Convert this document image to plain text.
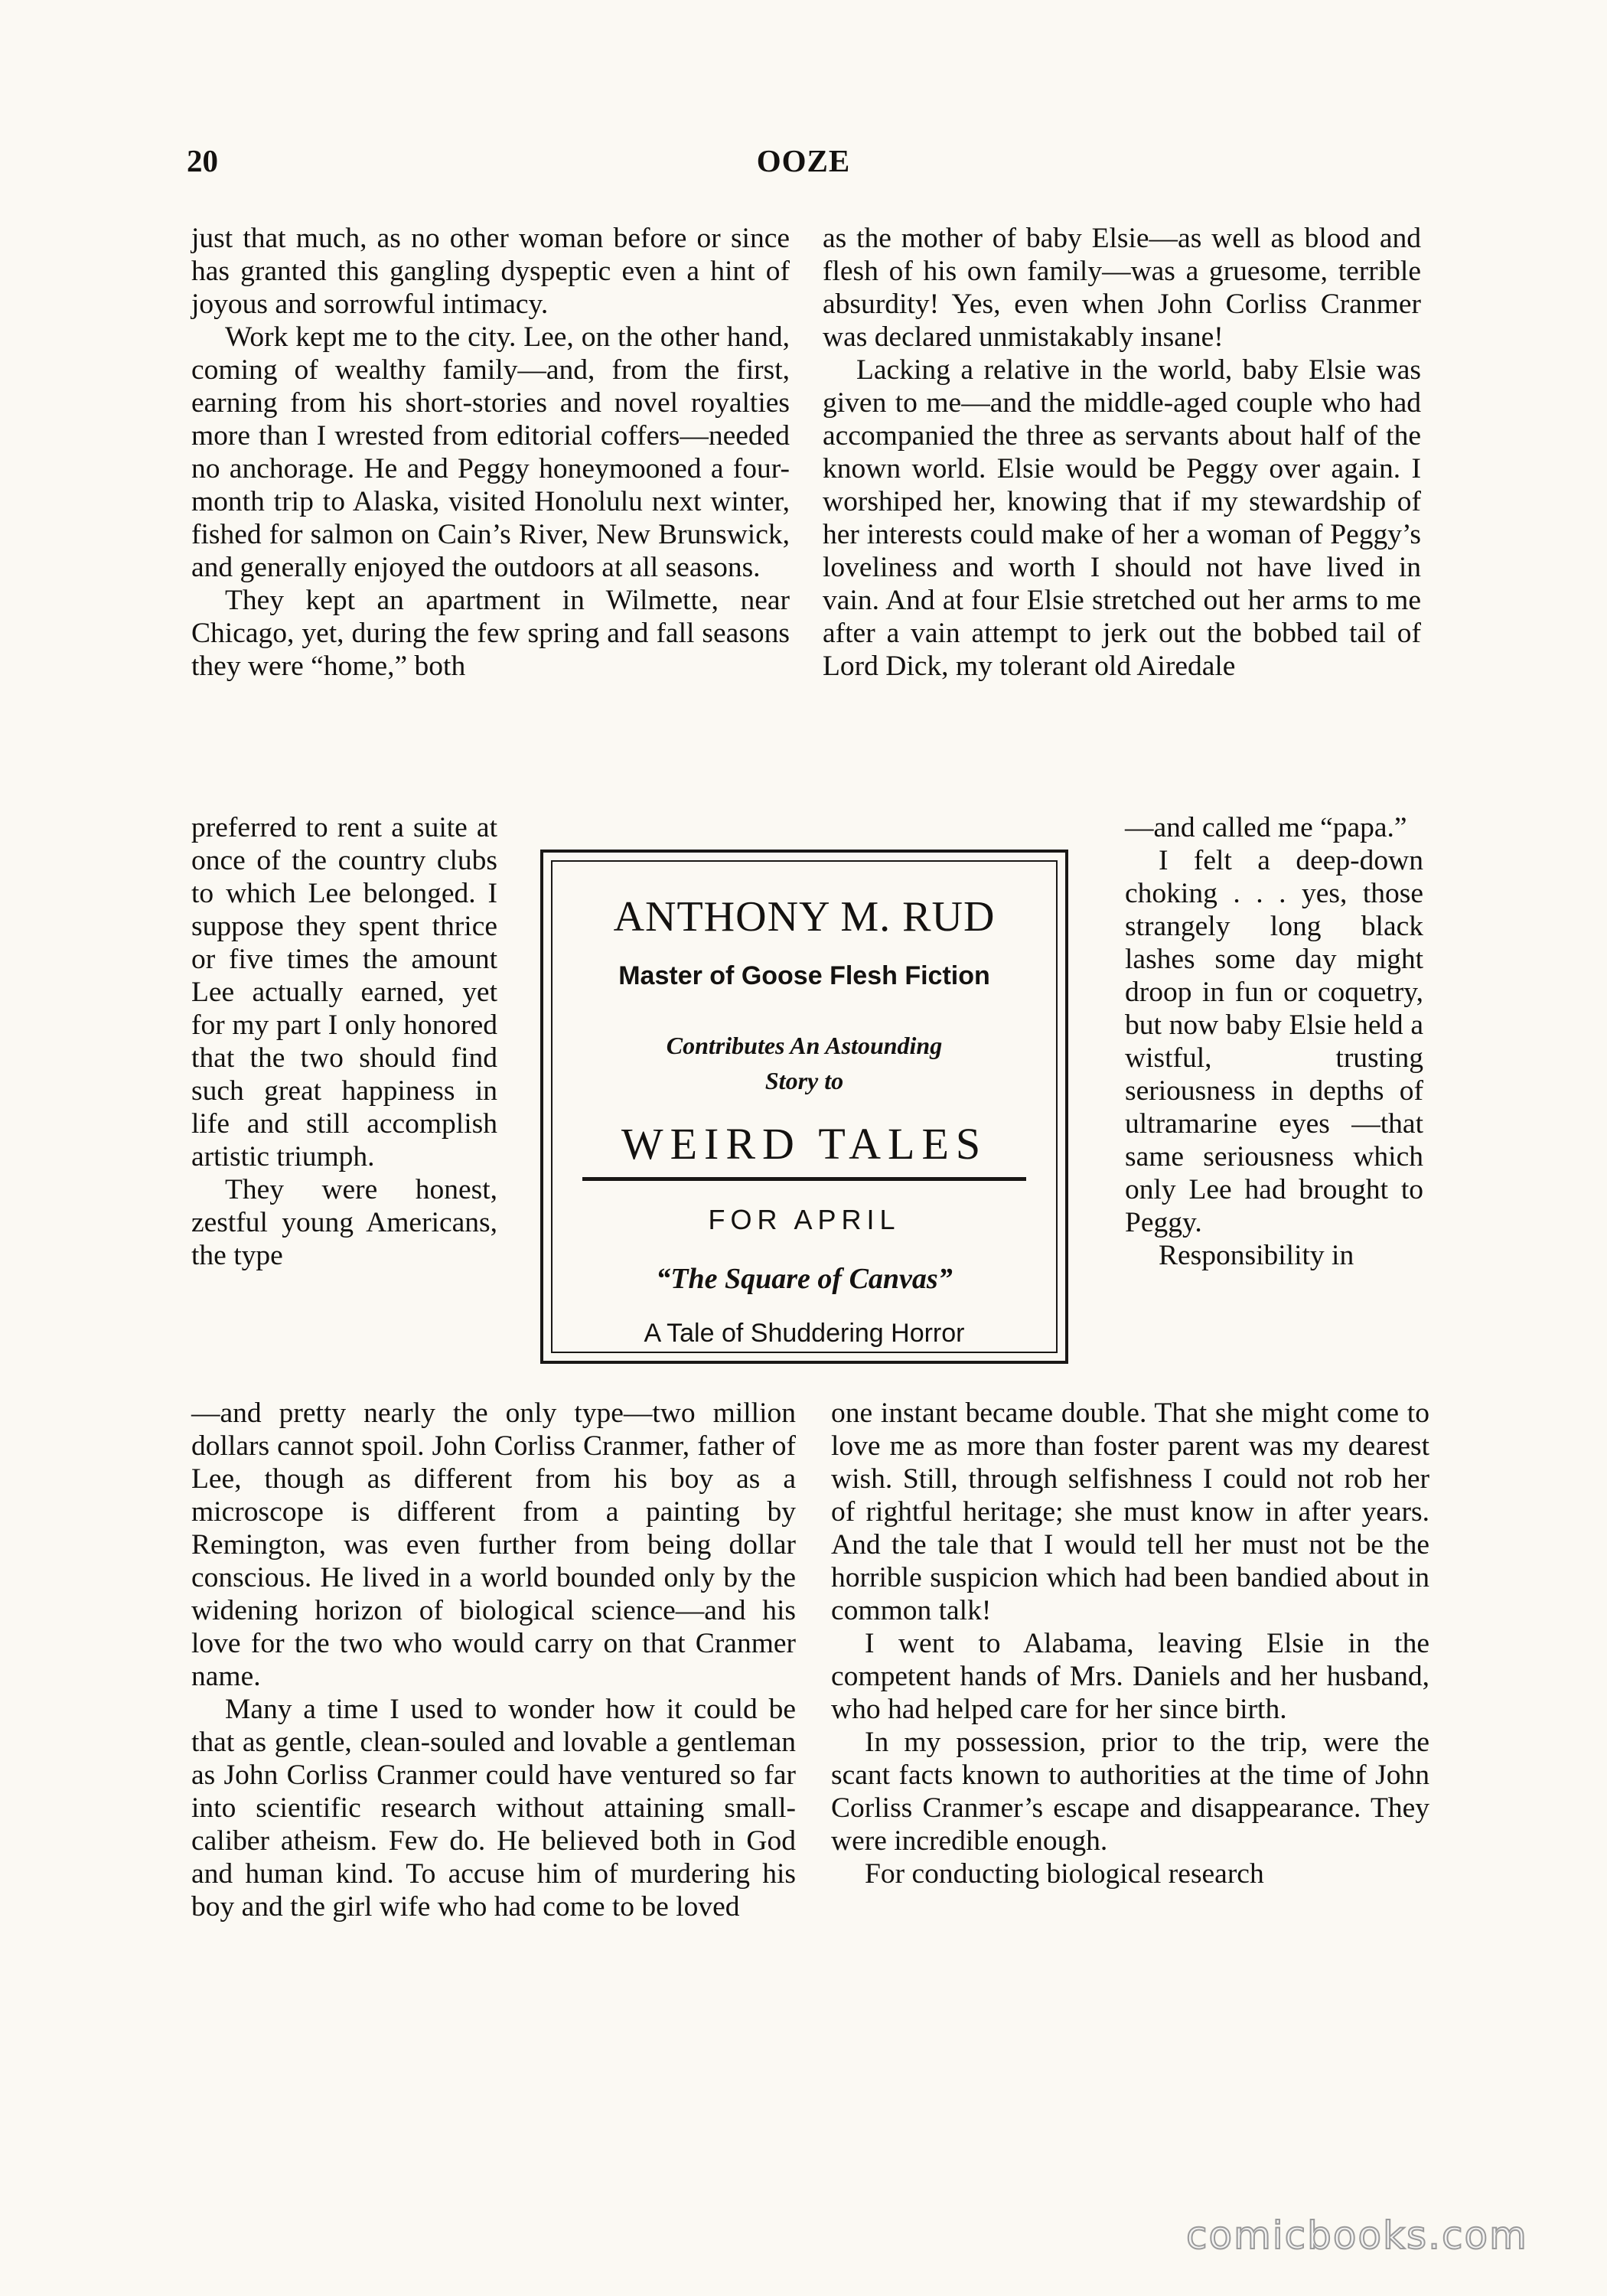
20	OOZE

just that much, as no other woman before or since has granted this gangling dyspeptic even a hint of joyous and sorrowful intimacy.

Work kept me to the city. Lee, on the other hand, coming of wealthy family—and, from the first, earning from his short-stories and novel royalties more than I wrested from editorial coffers—needed no anchorage. He and Peggy honeymooned a four-month trip to Alaska, visited Honolulu next winter, fished for salmon on Cain’s River, New Brunswick, and generally enjoyed the outdoors at all seasons.

They kept an apartment in Wilmette, near Chicago, yet, during the few spring and fall seasons they were “home,” both

preferred to rent a suite at once of the country clubs to which Lee belonged. I suppose they spent thrice or five times the amount Lee actually earned, yet for my part I only honored that the two should find such great happiness in life and still accomplish artistic triumph.

They were honest, zestful young Americans, the type

—and pretty nearly the only type—two million dollars cannot spoil. John Corliss Cranmer, father of Lee, though as different from his boy as a microscope is different from a painting by Remington, was even further from being dollar conscious. He lived in a world bounded only by the widening horizon of biological science—and his love for the two who would carry on that Cranmer name.

Many a time I used to wonder how it could be that as gentle, clean-souled and lovable a gentleman as John Corliss Cranmer could have ventured so far into scientific research without attaining small-caliber atheism. Few do. He believed both in God and human kind. To accuse him of murdering his boy and the girl wife who had come to be loved

as the mother of baby Elsie—as well as blood and flesh of his own family—was a gruesome, terrible absurdity! Yes, even when John Corliss Cranmer was declared unmistakably insane!

Lacking a relative in the world, baby Elsie was given to me—and the middle-aged couple who had accompanied the three as servants about half of the known world. Elsie would be Peggy over again. I worshiped her, knowing that if my stewardship of her interests could make of her a woman of Peggy’s loveliness and worth I should not have lived in vain. And at four Elsie stretched out her arms to me after a vain attempt to jerk out the bobbed tail of Lord Dick, my tolerant old Airedale

—and called me “papa.”

I felt a deep-down choking . . . yes, those strangely long black lashes some day might droop in fun or coquetry, but now baby Elsie held a wistful, trusting seriousness in depths of ultramarine eyes —that same seriousness which only Lee had brought to Peggy.

Responsibility in

one instant became double. That she might come to love me as more than foster parent was my dearest wish. Still, through selfishness I could not rob her of rightful heritage; she must know in after years. And the tale that I would tell her must not be the horrible suspicion which had been bandied about in common talk!

I went to Alabama, leaving Elsie in the competent hands of Mrs. Daniels and her husband, who had helped care for her since birth.

In my possession, prior to the trip, were the scant facts known to authorities at the time of John Corliss Cranmer’s escape and disappearance. They were incredible enough.

For conducting biological research

ANTHONY M. RUD
Master of Goose Flesh Fiction
Contributes An Astounding
Story to
WEIRD TALES
FOR APRIL
“The Square of Canvas”
A Tale of Shuddering Horror
comicbooks.com
